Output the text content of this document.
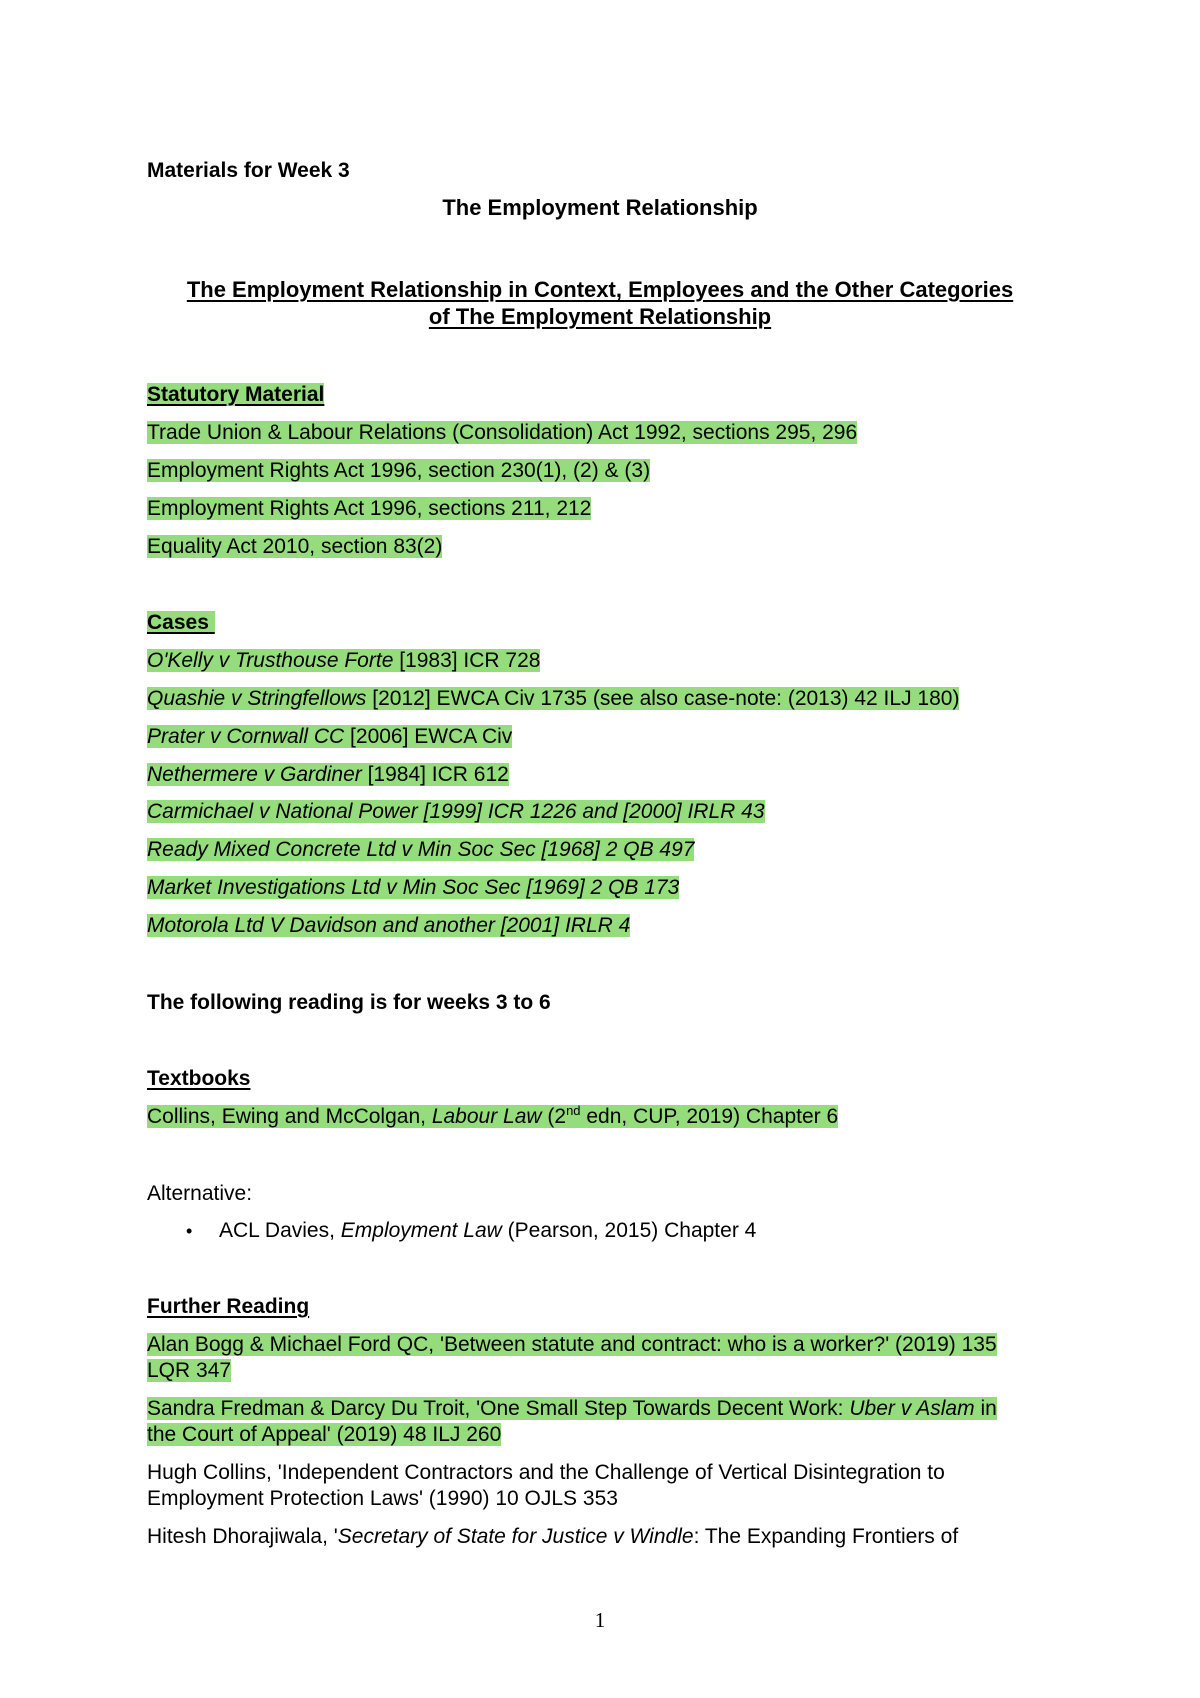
Materials for Week 3
The Employment Relationship
The Employment Relationship in Context, Employees and the Other Categories
of The Employment Relationship
Statutory Material
Trade Union & Labour Relations (Consolidation) Act 1992, sections 295, 296
Employment Rights Act 1996, section 230(1), (2) & (3)
Employment Rights Act 1996, sections 211, 212
Equality Act 2010, section 83(2)
Cases
O'Kelly v Trusthouse Forte [1983] ICR 728
Quashie v Stringfellows [2012] EWCA Civ 1735 (see also case-note: (2013) 42 ILJ 180)
Prater v Cornwall CC [2006] EWCA Civ
Nethermere v Gardiner [1984] ICR 612
Carmichael v National Power [1999] ICR 1226 and [2000] IRLR 43
Ready Mixed Concrete Ltd v Min Soc Sec [1968] 2 QB 497
Market Investigations Ltd v Min Soc Sec [1969] 2 QB 173
Motorola Ltd V Davidson and another [2001] IRLR 4
The following reading is for weeks 3 to 6
Textbooks
Collins, Ewing and McColgan, Labour Law (2nd edn, CUP, 2019) Chapter 6
Alternative:
• ACL Davies, Employment Law (Pearson, 2015) Chapter 4
Further Reading
Alan Bogg & Michael Ford QC, 'Between statute and contract: who is a worker?' (2019) 135
LQR 347
Sandra Fredman & Darcy Du Troit, 'One Small Step Towards Decent Work: Uber v Aslam in
the Court of Appeal' (2019) 48 ILJ 260
Hugh Collins, 'Independent Contractors and the Challenge of Vertical Disintegration to
Employment Protection Laws' (1990) 10 OJLS 353
Hitesh Dhorajiwala, 'Secretary of State for Justice v Windle: The Expanding Frontiers of
1
